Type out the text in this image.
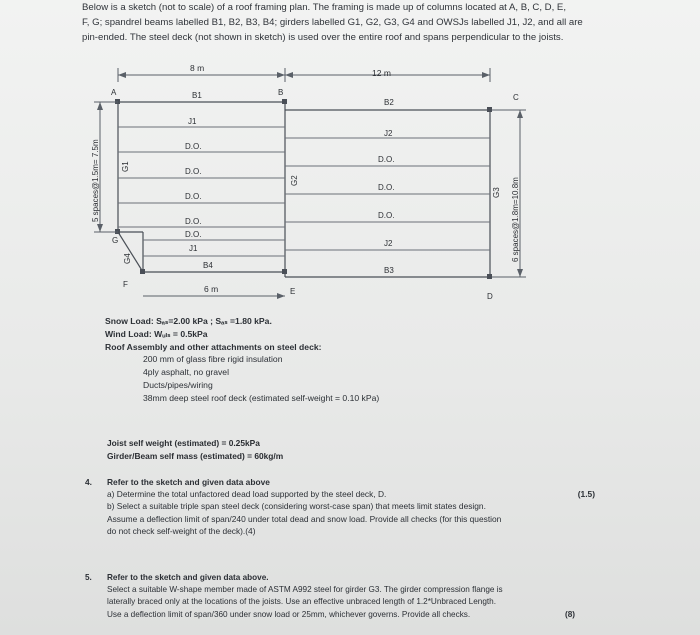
Below is a sketch (not to scale) of a roof framing plan. The framing is made up of columns located at A, B, C, D, E,

F, G; spandrel beams labelled B1, B2, B3, B4; girders labelled G1, G2, G3, G4 and OWSJs labelled J1, J2, and all are

pin-ended. The steel deck (not shown in sketch) is used over the entire roof and spans perpendicular to the joists.

8 m	12 m
A	B
C
D
E
F
G
B1
B2
B3
B4
G1
G2
G3
G4
J1
D.O.
D.O.
D.O.
D.O.
D.O.
J1
J2
D.O.
D.O.
D.O.
J2
5 spaces@1.5m= 7.5m	6 spaces@1.8m=10.8m
6 m
Snow Load: Sₐₛ=2.00 kPa ; Sₐₛ =1.80 kPa.
Wind Load: Wᵤₗₛ = 0.5kPa
Roof Assembly and other attachments on steel deck:
200 mm of glass fibre rigid insulation
4ply asphalt, no gravel
Ducts/pipes/wiring
38mm deep steel roof deck (estimated self-weight = 0.10 kPa)
Joist self weight (estimated) = 0.25kPa
Girder/Beam self mass (estimated) = 60kg/m
4.	Refer to the sketch and given data above
a) Determine the total unfactored dead load supported by the steel deck, D.	(1.5)
b) Select a suitable triple span steel deck (considering worst-case span) that meets limit states design.
Assume a deflection limit of span/240 under total dead and snow load. Provide all checks (for this question
do not check self-weight of the deck).(4)
5.	Refer to the sketch and given data above.
Select a suitable W-shape member made of ASTM A992 steel for girder G3. The girder compression flange is
laterally braced only at the locations of the joists. Use an effective unbraced length of 1.2*Unbraced Length.
Use a deflection limit of span/360 under snow load or 25mm, whichever governs. Provide all checks.	(8)
